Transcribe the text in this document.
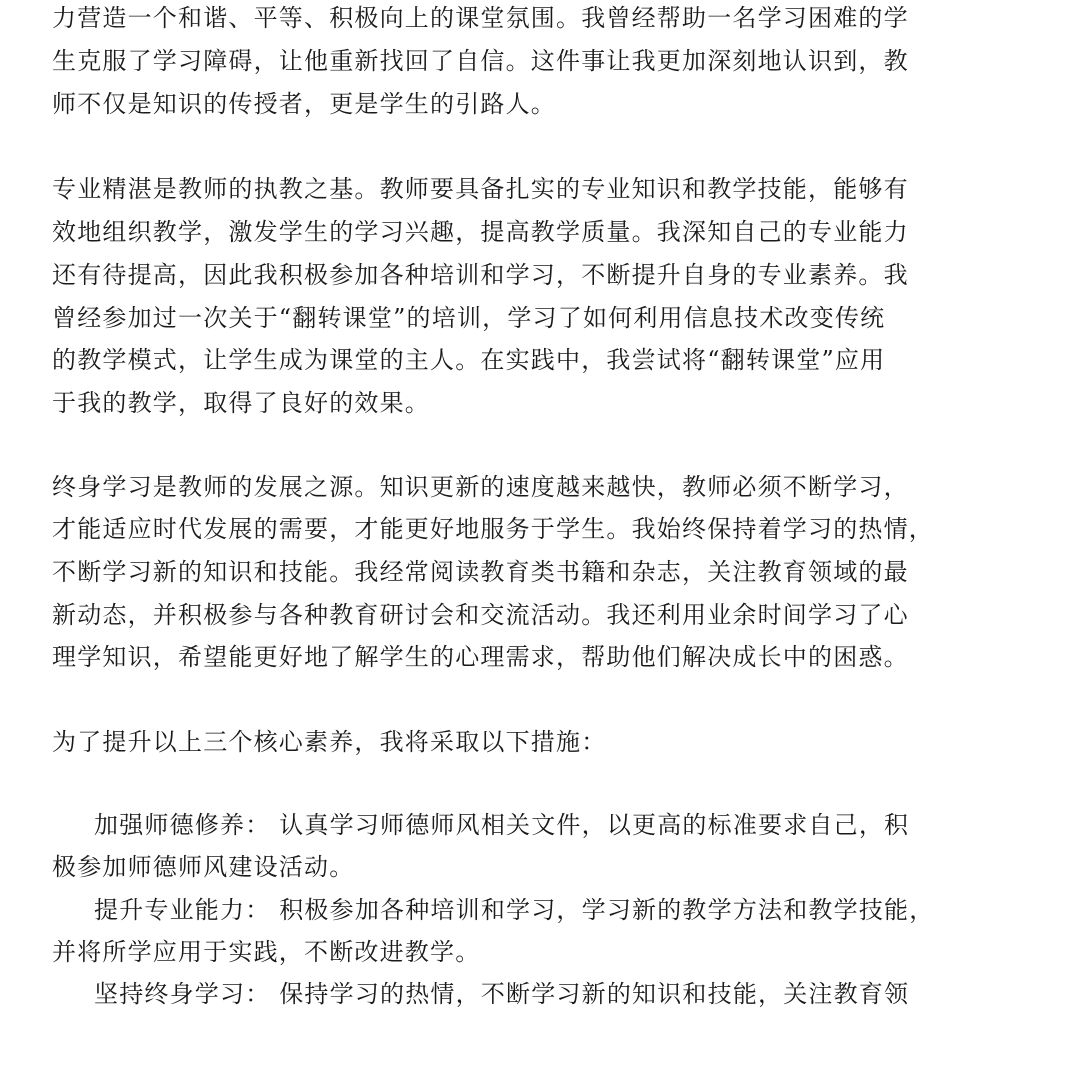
力营造一个和谐、平等、积极向上的课堂氛围。我曾经帮助一名学习困难的学
生克服了学习障碍，让他重新找回了自信。这件事让我更加深刻地认识到，教
师不仅是知识的传授者，更是学生的引路人。
专业精湛是教师的执教之基。教师要具备扎实的专业知识和教学技能，能够有
效地组织教学，激发学生的学习兴趣，提高教学质量。我深知自己的专业能力
还有待提高，因此我积极参加各种培训和学习，不断提升自身的专业素养。我
曾经参加过一次关于“翻转课堂”的培训，学习了如何利用信息技术改变传统
的教学模式，让学生成为课堂的主人。在实践中，我尝试将“翻转课堂”应用
于我的教学，取得了良好的效果。
终身学习是教师的发展之源。知识更新的速度越来越快，教师必须不断学习，
才能适应时代发展的需要，才能更好地服务于学生。我始终保持着学习的热情，
不断学习新的知识和技能。我经常阅读教育类书籍和杂志，关注教育领域的最
新动态，并积极参与各种教育研讨会和交流活动。我还利用业余时间学习了心
理学知识，希望能更好地了解学生的心理需求，帮助他们解决成长中的困惑。
为了提升以上三个核心素养，我将采取以下措施：
加强师德修养： 认真学习师德师风相关文件，以更高的标准要求自己，积
极参加师德师风建设活动。
提升专业能力： 积极参加各种培训和学习，学习新的教学方法和教学技能，
并将所学应用于实践，不断改进教学。
坚持终身学习： 保持学习的热情，不断学习新的知识和技能，关注教育领
